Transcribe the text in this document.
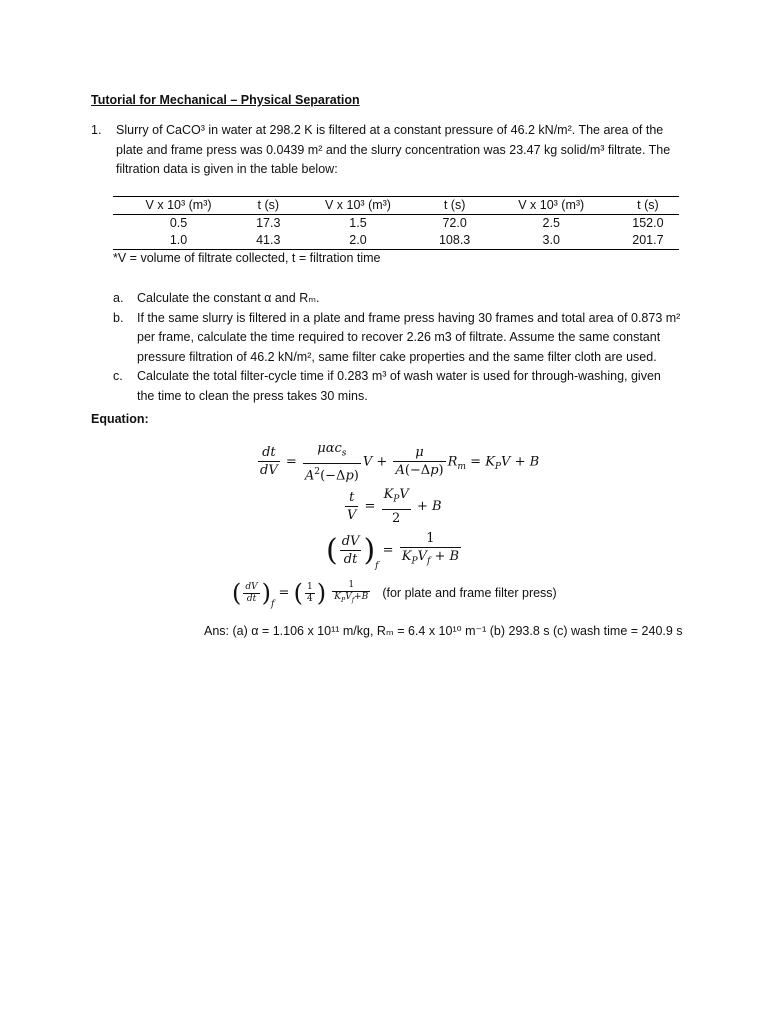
Tutorial for Mechanical – Physical Separation
1. Slurry of CaCO³ in water at 298.2 K is filtered at a constant pressure of 46.2 kN/m². The area of the
plate and frame press was 0.0439 m² and the slurry concentration was 23.47 kg solid/m³ filtrate. The
filtration data is given in the table below:
V x 10³ (m³)	t (s)	V x 10³ (m³)	t (s)	V x 10³ (m³)	t (s)
0.5	17.3	1.5	72.0	2.5	152.0
1.0	41.3	2.0	108.3	3.0	201.7
*V = volume of filtrate collected, t = filtration time
a. Calculate the constant α and Rₘ.
b. If the same slurry is filtered in a plate and frame press having 30 frames and total area of 0.873 m²
per frame, calculate the time required to recover 2.26 m3 of filtrate. Assume the same constant
pressure filtration of 46.2 kN/m², same filter cake properties and the same filter cloth are used.
c. Calculate the total filter-cycle time if 0.283 m³ of wash water is used for through-washing, given
the time to clean the press takes 30 mins.
Equation:
$\frac{dt}{dV} = \frac{\mu\alpha c_s}{A^2(-\Delta p)}$ $V + \frac{\mu}{A(-\Delta p)} R_m = K_PV + B$
$\frac{t}{V} = \frac{K_PV}{2} + B$
( $\frac{dV}{dt} )_f = \frac{1}{K_PV_f + B}$
( $\frac{dV}{dt} )_f$ = ( $\frac{1}{4}$ ) $\frac{1}{K_PV_f+B} (for$ plate and frame filter press)
Ans: (a) α = 1.106 x 10¹¹ m/kg, Rₘ = 6.4 x 10¹⁰ m⁻¹ (b) 293.8 s (c) wash time = 240.9 s
